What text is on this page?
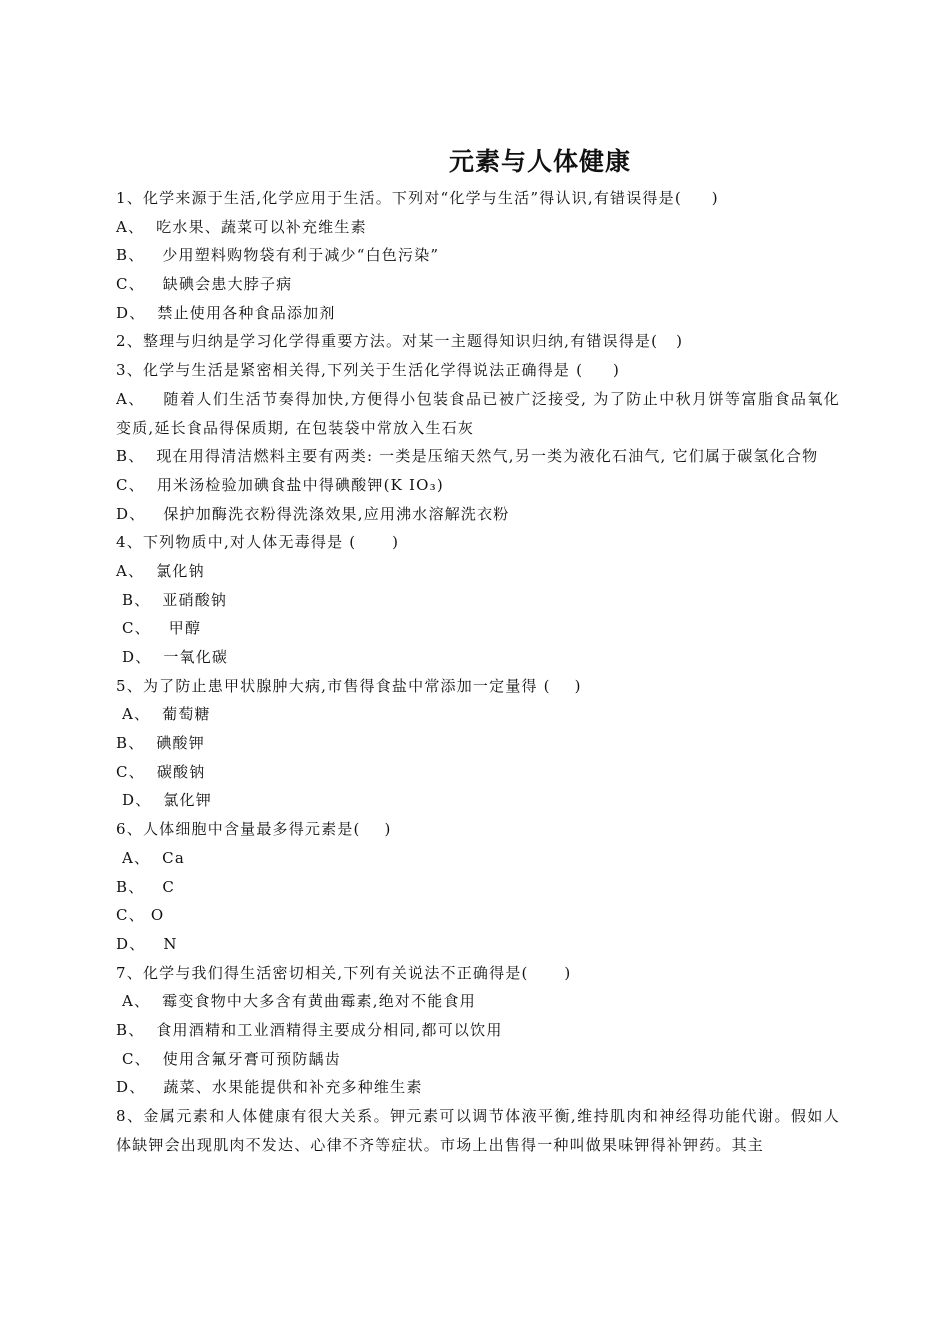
元素与人体健康
1、化学来源于生活,化学应用于生活。下列对“化学与生活”得认识,有错误得是(     )
A、  吃水果、蔬菜可以补充维生素
B、   少用塑料购物袋有利于减少“白色污染”
C、   缺碘会患大脖子病
D、  禁止使用各种食品添加剂
2、整理与归纳是学习化学得重要方法。对某一主题得知识归纳,有错误得是(   )
3、化学与生活是紧密相关得,下列关于生活化学得说法正确得是 (     )
A、   随着人们生活节奏得加快,方便得小包装食品已被广泛接受, 为了防止中秋月饼等富脂食品氧化变质,延长食品得保质期, 在包装袋中常放入生石灰
B、  现在用得清洁燃料主要有两类: 一类是压缩天然气,另一类为液化石油气, 它们属于碳氢化合物
C、  用米汤检验加碘食盐中得碘酸钾(K IO₃)
D、   保护加酶洗衣粉得洗涤效果,应用沸水溶解洗衣粉
4、下列物质中,对人体无毒得是 (      )
A、  氯化钠
B、  亚硝酸钠
C、   甲醇
D、  一氧化碳
5、为了防止患甲状腺肿大病,市售得食盐中常添加一定量得 (    )
A、  葡萄糖
B、  碘酸钾
C、  碳酸钠
D、  氯化钾
6、人体细胞中含量最多得元素是(    )
A、  Ca
B、   C
C、 O
D、   N
7、化学与我们得生活密切相关,下列有关说法不正确得是(      )
A、  霉变食物中大多含有黄曲霉素,绝对不能食用
B、  食用酒精和工业酒精得主要成分相同,都可以饮用
C、  使用含氟牙膏可预防龋齿
D、   蔬菜、水果能提供和补充多种维生素
8、金属元素和人体健康有很大关系。钾元素可以调节体液平衡,维持肌肉和神经得功能代谢。假如人体缺钾会出现肌肉不发达、心律不齐等症状。市场上出售得一种叫做果味钾得补钾药。其主
